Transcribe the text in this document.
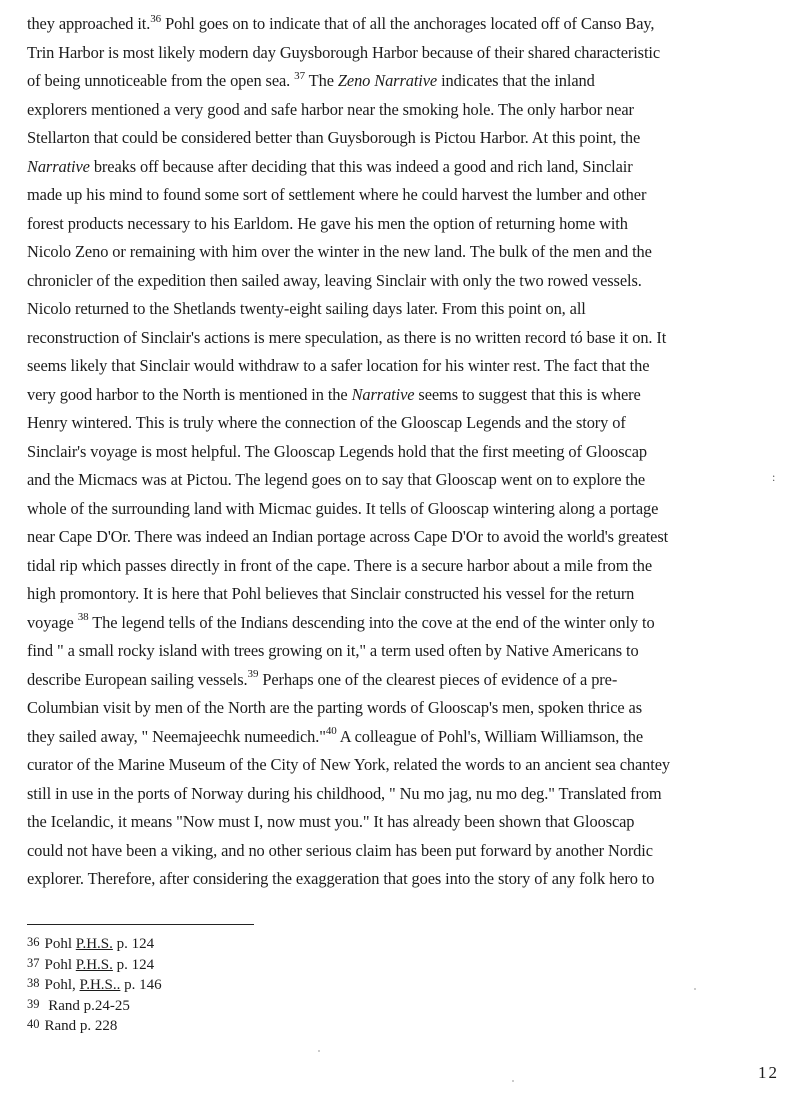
they approached it.$^{36}$ Pohl goes on to indicate that of all the anchorages located off of Canso Bay,
Trin Harbor is most likely modern day Guysborough Harbor because of their shared characteristic
of being unnoticeable from the open sea. $^{37}$ The Zeno Narrative indicates that the inland
explorers mentioned a very good and safe harbor near the smoking hole. The only harbor near
Stellarton that could be considered better than Guysborough is Pictou Harbor. At this point, the
Narrative breaks off because after deciding that this was indeed a good and rich land, Sinclair
made up his mind to found some sort of settlement where he could harvest the lumber and other
forest products necessary to his Earldom. He gave his men the option of returning home with
Nicolo Zeno or remaining with him over the winter in the new land. The bulk of the men and the
chronicler of the expedition then sailed away, leaving Sinclair with only the two rowed vessels.
Nicolo returned to the Shetlands twenty-eight sailing days later. From this point on, all
reconstruction of Sinclair's actions is mere speculation, as there is no written record tó base it on. It
seems likely that Sinclair would withdraw to a safer location for his winter rest. The fact that the
very good harbor to the North is mentioned in the Narrative seems to suggest that this is where
Henry wintered. This is truly where the connection of the Glooscap Legends and the story of
Sinclair's voyage is most helpful. The Glooscap Legends hold that the first meeting of Glooscap
and the Micmacs was at Pictou. The legend goes on to say that Glooscap went on to explore the
whole of the surrounding land with Micmac guides. It tells of Glooscap wintering along a portage
near Cape D'Or. There was indeed an Indian portage across Cape D'Or to avoid the world's greatest
tidal rip which passes directly in front of the cape. There is a secure harbor about a mile from the
high promontory. It is here that Pohl believes that Sinclair constructed his vessel for the return
voyage $^{38}$ The legend tells of the Indians descending into the cove at the end of the winter only to
find " a small rocky island with trees growing on it," a term used often by Native Americans to
describe European sailing vessels.$^{39}$ Perhaps one of the clearest pieces of evidence of a pre-
Columbian visit by men of the North are the parting words of Glooscap's men, spoken thrice as
they sailed away, " Neemajeechk numeedich."$^{40}$ A colleague of Pohl's, William Williamson, the
curator of the Marine Museum of the City of New York, related the words to an ancient sea chantey
still in use in the ports of Norway during his childhood, " Nu mo jag, nu mo deg." Translated from
the Icelandic, it means "Now must I, now must you." It has already been shown that Glooscap
could not have been a viking, and no other serious claim has been put forward by another Nordic
explorer. Therefore, after considering the exaggeration that goes into the story of any folk hero to
:
36 Pohl P.H.S. p. 124
37 Pohl P.H.S. p. 124
38 Pohl, P.H.S.. p. 146
39 Rand p.24-25
40 Rand p. 228
12
